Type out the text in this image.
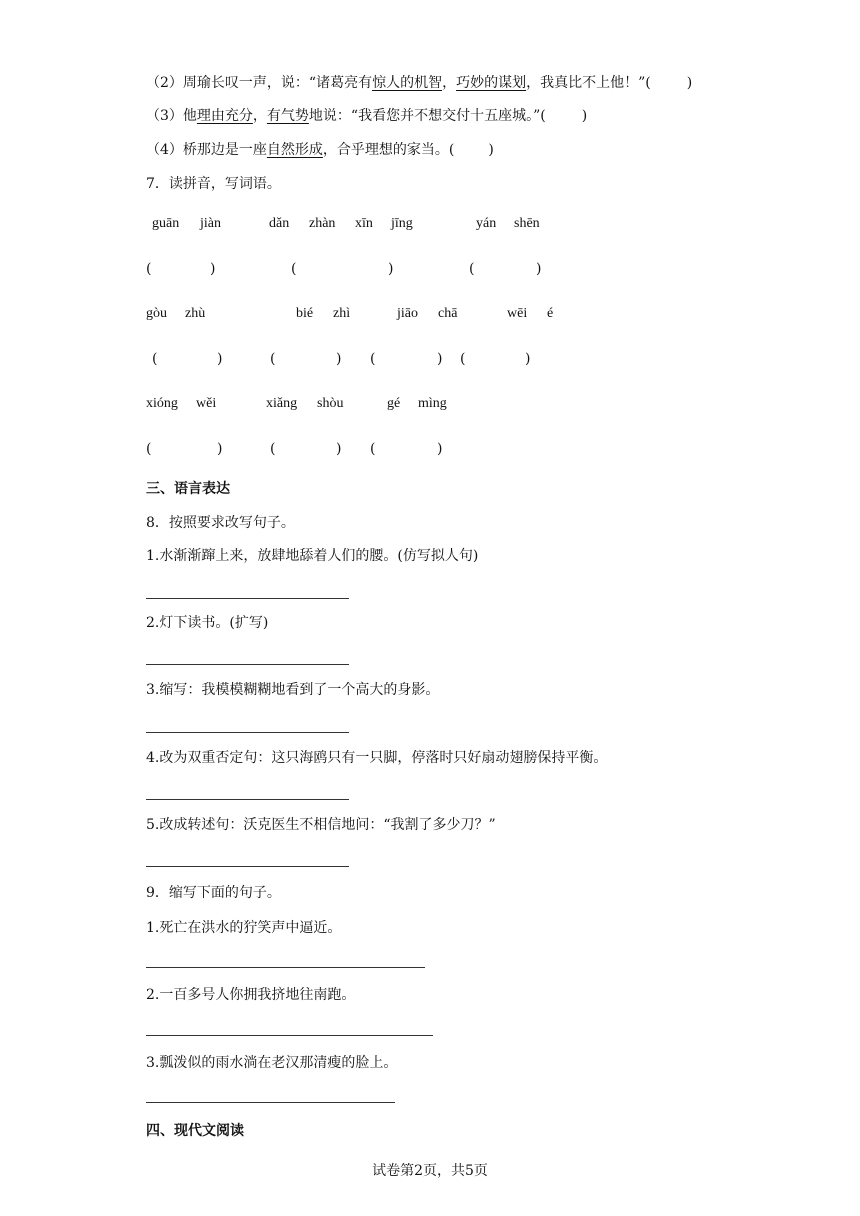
（2）周瑜长叹一声，说：“诸葛亮有惊人的机智，巧妙的谋划，我真比不上他！”(	)
（3）他理由充分，有气势地说：“我看您并不想交付十五座城。”(	)
（4）桥那边是一座自然形成，合乎理想的家当。( )
7．读拼音，写词语。
guān jiàn	dǎn zhàn xīn jīng	yán shēn
(	)	(	)	(	)
gòu zhù	bié zhì	jiāo chā	wēi é
(	)	(	) (	) (	)
xióng wěi	xiǎng shòu	gé mìng
(	)	(	) (	)
三、语言表达
8．按照要求改写句子。
1.水渐渐蹿上来，放肆地舔着人们的腰。(仿写拟人句)
2.灯下读书。(扩写)
3.缩写：我模模糊糊地看到了一个高大的身影。
4.改为双重否定句：这只海鸥只有一只脚，停落时只好扇动翅膀保持平衡。
5.改成转述句：沃克医生不相信地问：“我割了多少刀？”
9．缩写下面的句子。
1.死亡在洪水的狞笑声中逼近。
2.一百多号人你拥我挤地往南跑。
3.瓢泼似的雨水淌在老汉那清瘦的脸上。
四、现代文阅读
试卷第2页，共5页
